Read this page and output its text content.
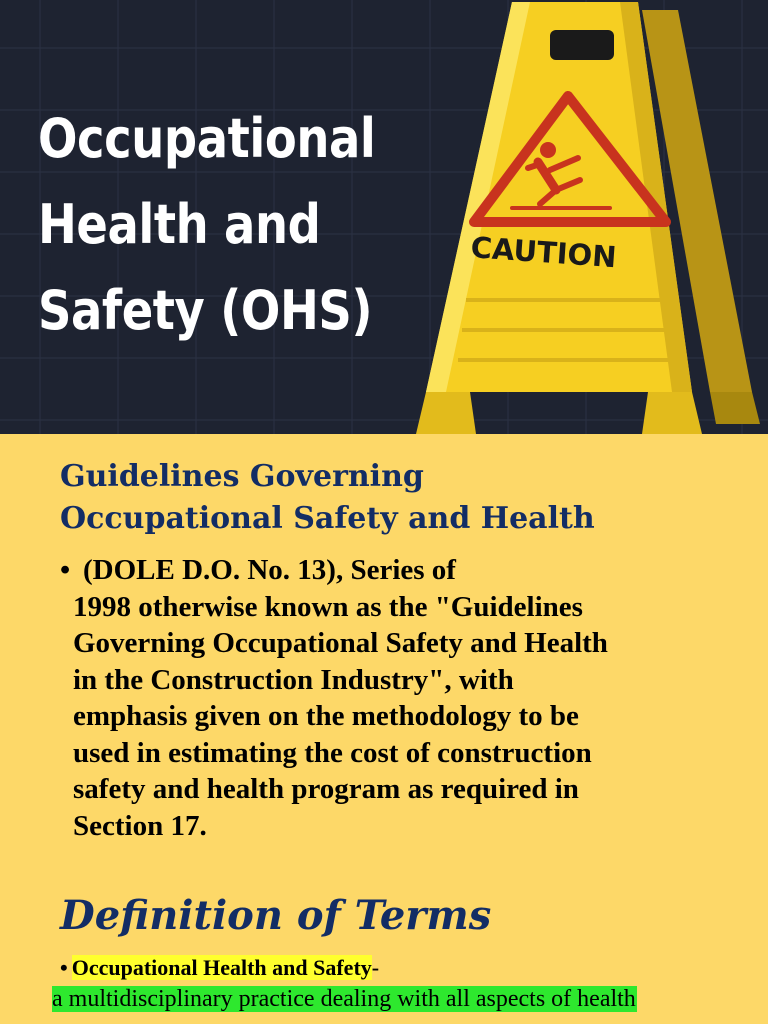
Occupational
Health and
Safety (OHS)
CAUTION
Guidelines Governing
Occupational Safety and Health
• (DOLE D.O. No. 13), Series of
1998 otherwise known as the "Guidelines
Governing Occupational Safety and Health
in the Construction Industry", with
emphasis given on the methodology to be
used in estimating the cost of construction
safety and health program as required in
Section 17.
Definition of Terms
• Occupational Health and Safety-
a multidisciplinary practice dealing with all aspects of health
